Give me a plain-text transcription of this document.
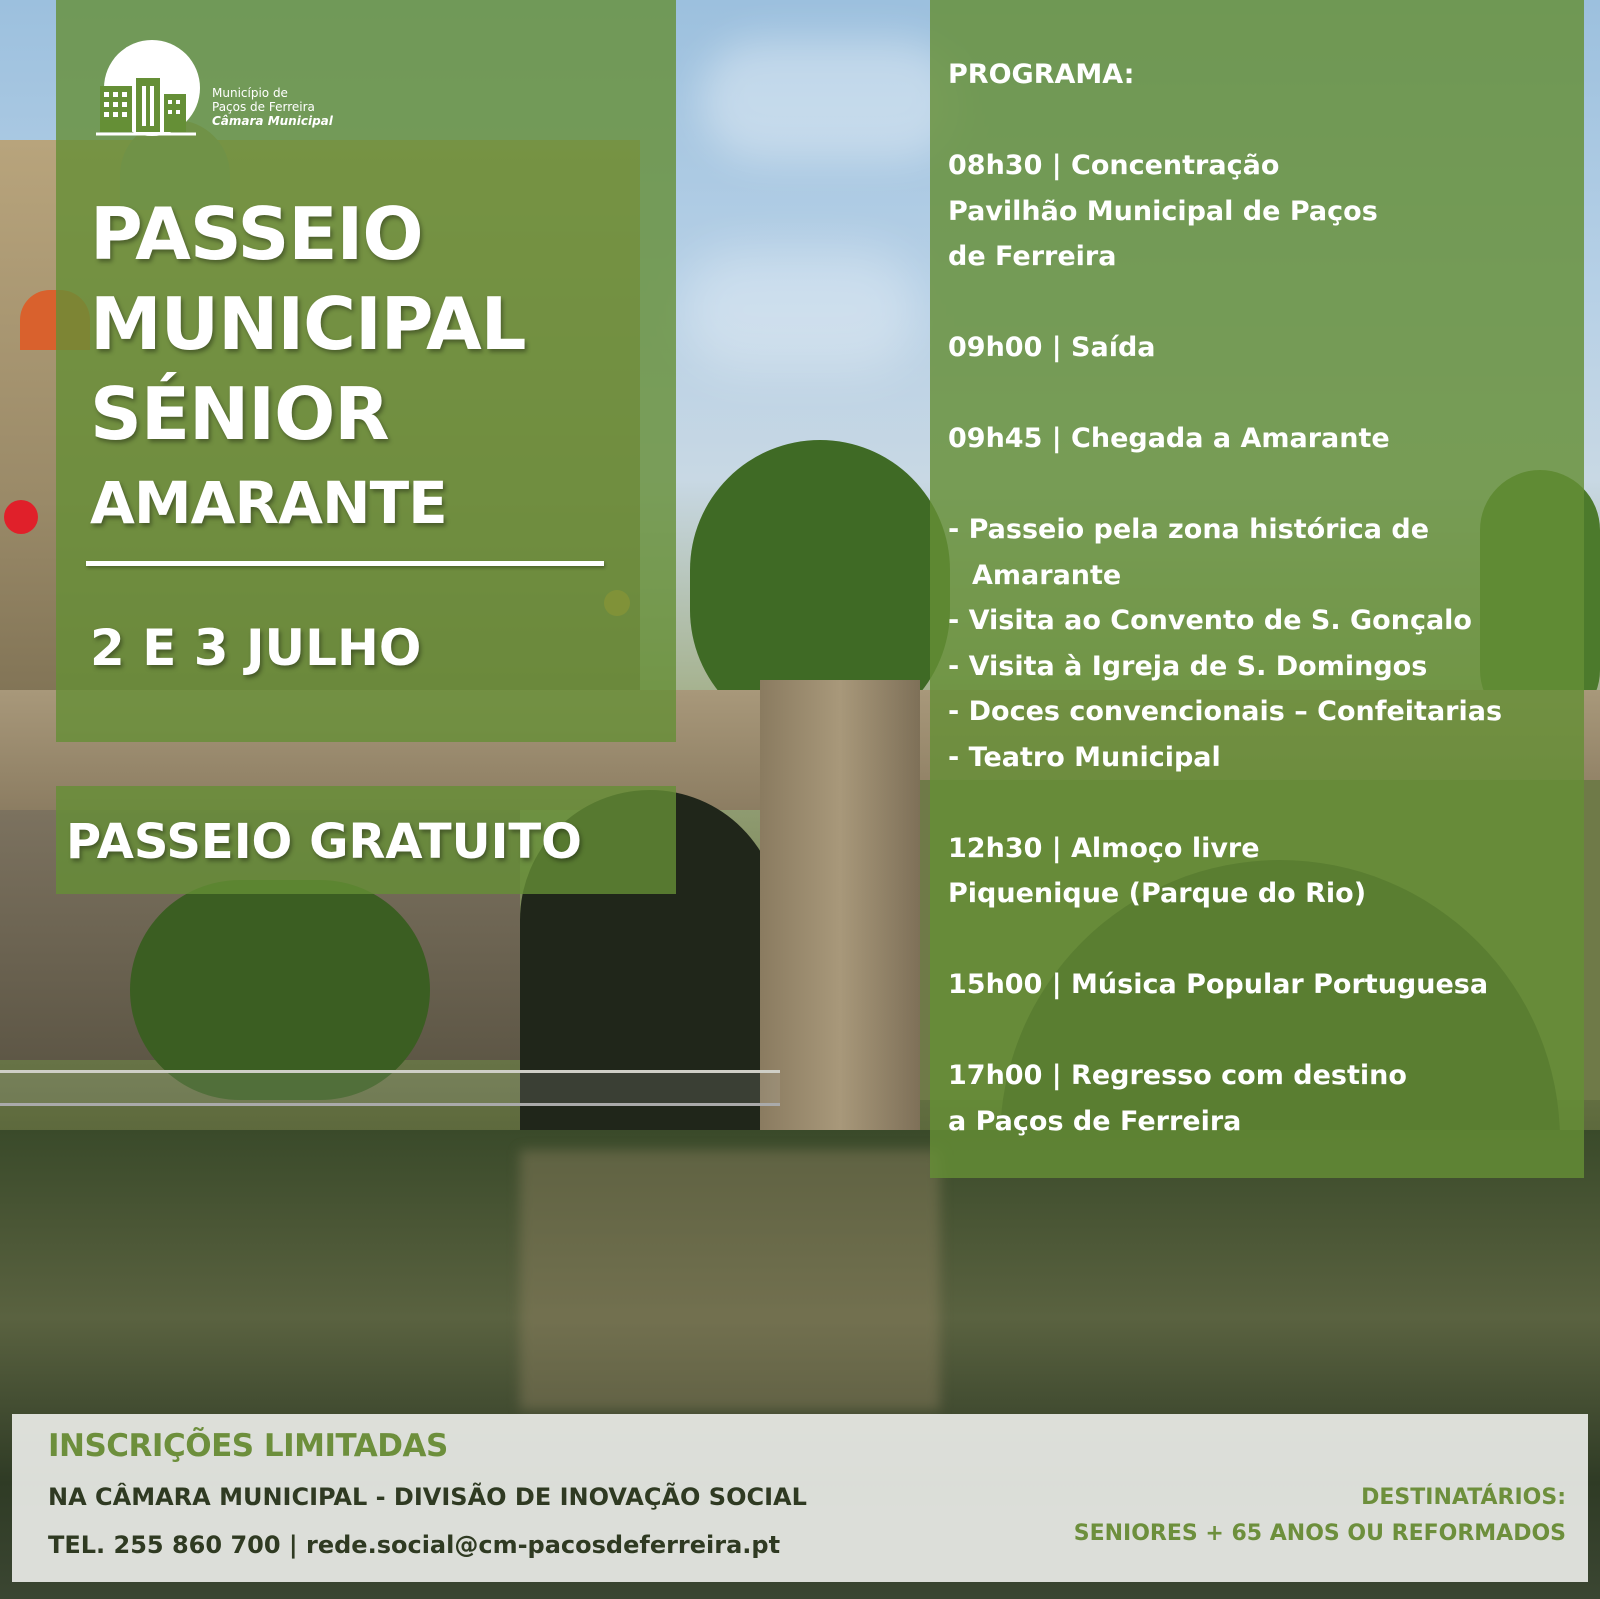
Município de
Paços de Ferreira
Câmara Municipal
PASSEIO
MUNICIPAL
SÉNIOR
AMARANTE
2 E 3 JULHO
PASSEIO GRATUITO
PROGRAMA:
08h30 | Concentração
Pavilhão Municipal de Paços
de Ferreira
09h00 | Saída
09h45 | Chegada a Amarante
- Passeio pela zona histórica de
Amarante
- Visita ao Convento de S. Gonçalo
- Visita à Igreja de S. Domingos
- Doces convencionais – Confeitarias
- Teatro Municipal
12h30 | Almoço livre
Piquenique (Parque do Rio)
15h00 | Música Popular Portuguesa
17h00 | Regresso com destino
a Paços de Ferreira
INSCRIÇÕES LIMITADAS
NA CÂMARA MUNICIPAL - DIVISÃO DE INOVAÇÃO SOCIAL
TEL. 255 860 700 | rede.social@cm-pacosdeferreira.pt
DESTINATÁRIOS:
SENIORES + 65 ANOS OU REFORMADOS
